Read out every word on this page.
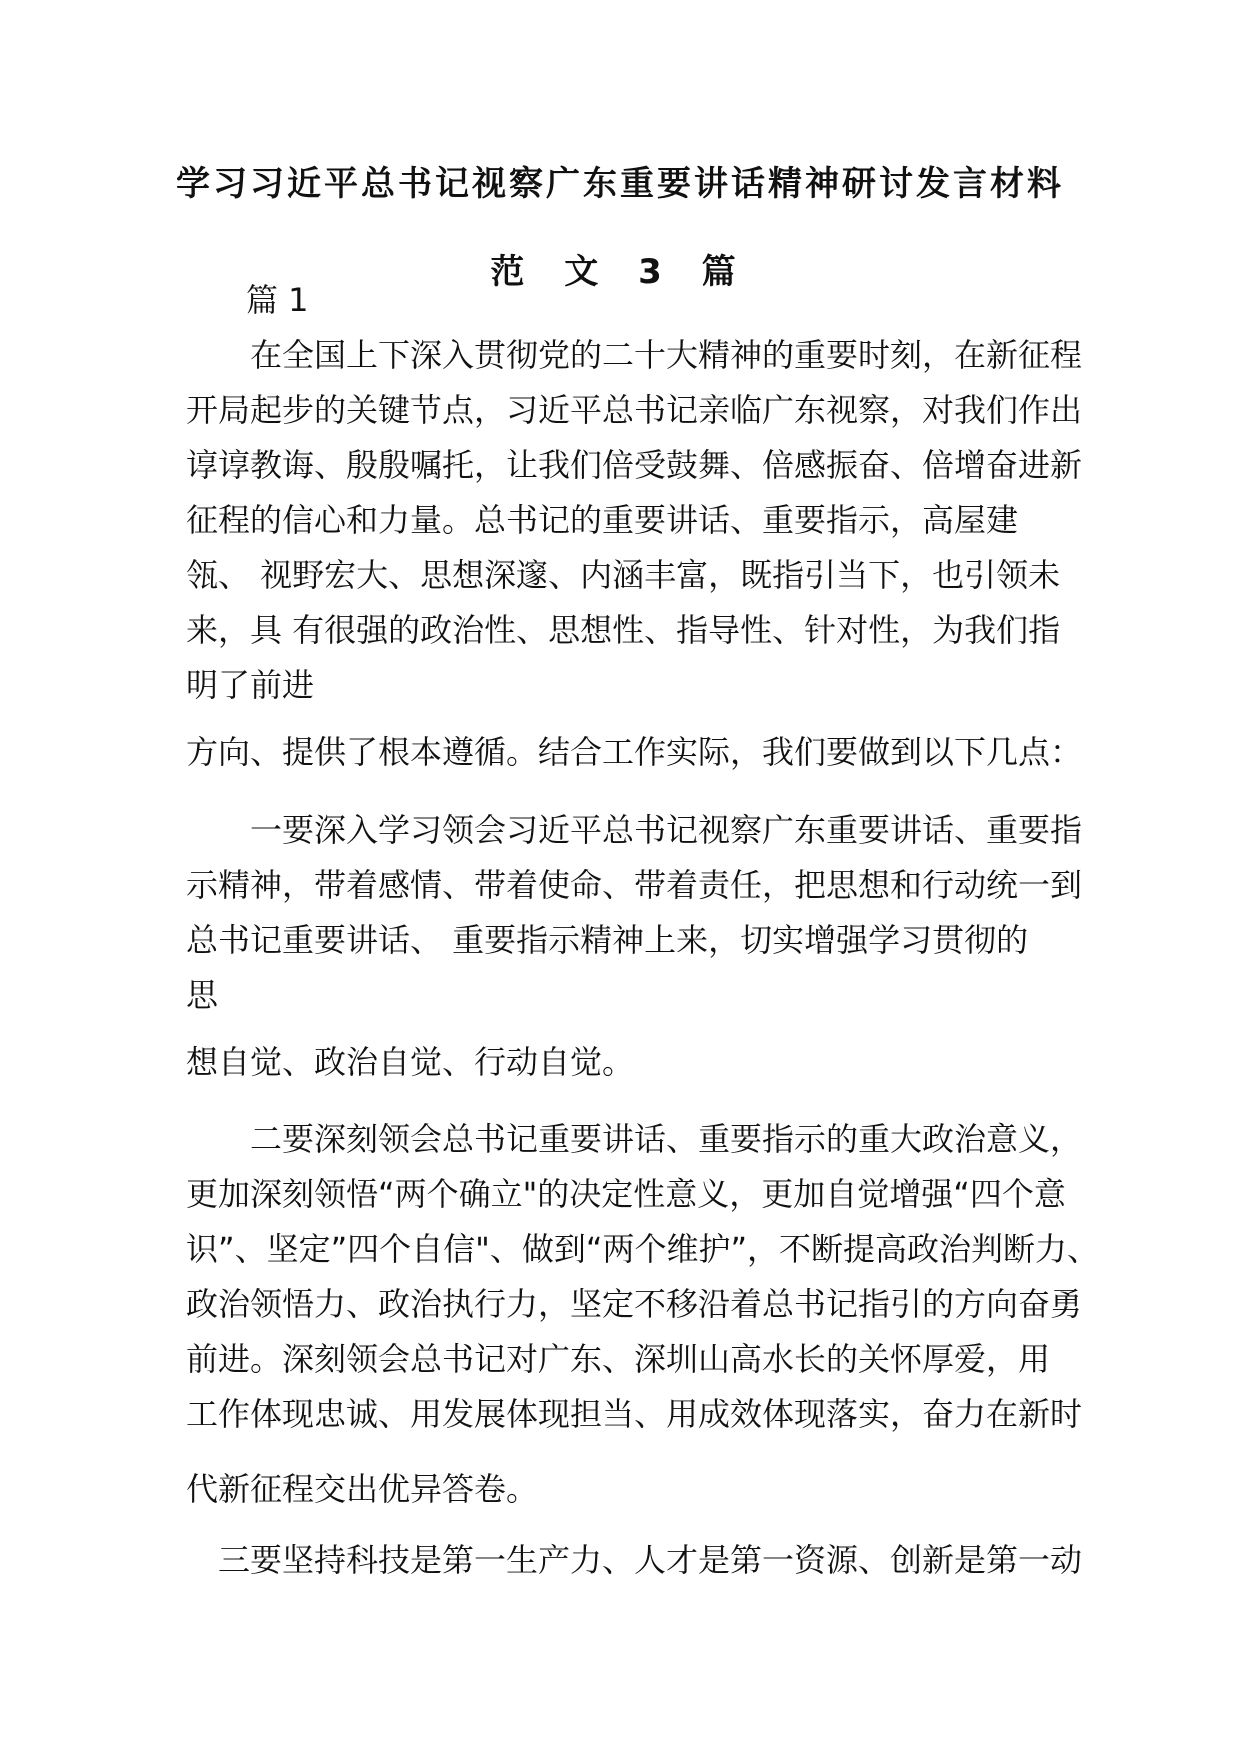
学习习近平总书记视察广东重要讲话精神研讨发言材料
范 文 3 篇
篇 1
在全国上下深入贯彻党的二十大精神的重要时刻，在新征程
开局起步的关键节点，习近平总书记亲临广东视察，对我们作出
谆谆教诲、殷殷嘱托，让我们倍受鼓舞、倍感振奋、倍增奋进新
征程的信心和力量。总书记的重要讲话、重要指示，高屋建
瓴、 视野宏大、思想深邃、内涵丰富，既指引当下，也引领未
来，具 有很强的政治性、思想性、指导性、针对性，为我们指
明了前进
方向、提供了根本遵循。结合工作实际，我们要做到以下几点：
一要深入学习领会习近平总书记视察广东重要讲话、重要指
示精神，带着感情、带着使命、带着责任，把思想和行动统一到
总书记重要讲话、 重要指示精神上来，切实增强学习贯彻的
思
想自觉、政治自觉、行动自觉。
二要深刻领会总书记重要讲话、重要指示的重大政治意义，
更加深刻领悟“两个确立"的决定性意义，更加自觉增强“四个意
识”、坚定”四个自信"、做到“两个维护”，不断提高政治判断力、
政治领悟力、政治执行力，坚定不移沿着总书记指引的方向奋勇
前进。深刻领会总书记对广东、深圳山高水长的关怀厚爱，用
工作体现忠诚、用发展体现担当、用成效体现落实，奋力在新时
代新征程交出优异答卷。
三要坚持科技是第一生产力、人才是第一资源、创新是第一动
